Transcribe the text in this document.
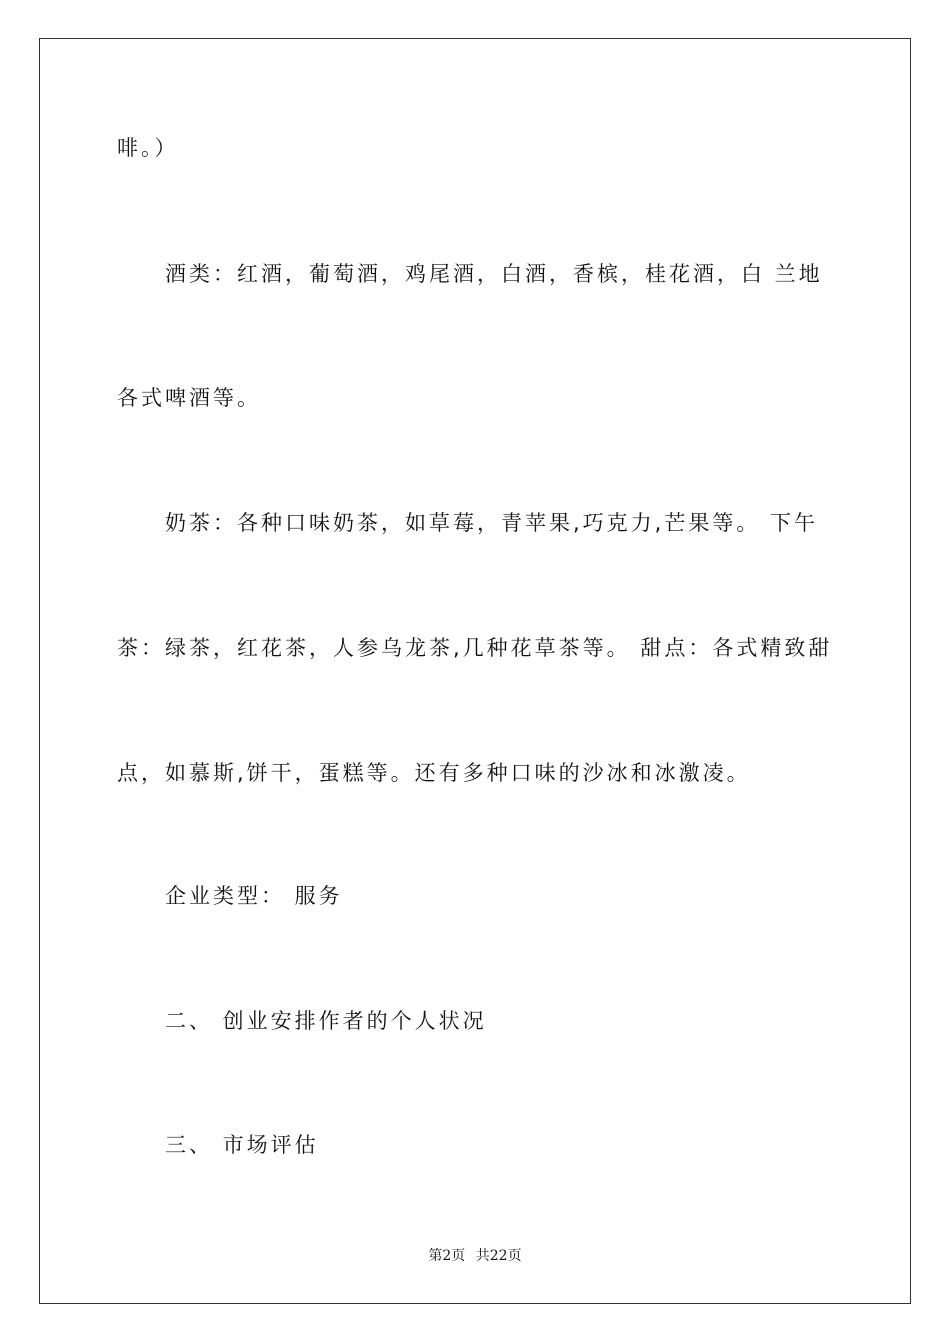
啡。）
酒类：红酒，葡萄酒，鸡尾酒，白酒，香槟，桂花酒，白 兰地
各式啤酒等。
奶茶：各种口味奶茶，如草莓，青苹果,巧克力,芒果等。 下午
茶：绿茶，红花茶，人参乌龙茶,几种花草茶等。 甜点：各式精致甜
点，如慕斯,饼干，蛋糕等。还有多种口味的沙冰和冰激凌。
企业类型： 服务
二、 创业安排作者的个人状况
三、 市场评估
第2页 共22页
